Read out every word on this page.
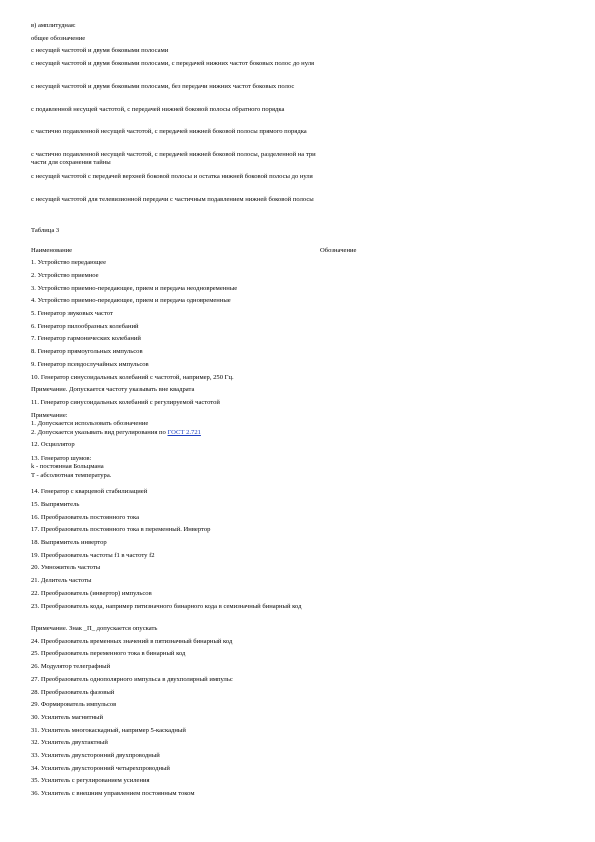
в) амплитудная:
общее обозначение
с несущей частотой и двумя боковыми полосами
с несущей частотой и двумя боковыми полосами, с передачей нижних частот боковых полос до нуля
с несущей частотой и двумя боковыми полосами, без передачи нижних частот боковых полос
с подавленной несущей частотой, с передачей нижней боковой полосы обратного порядка
с частично подавленной несущей частотой, с передачей нижней боковой полосы прямого порядка
с частично подавленной несущей частотой, с передачей нижней боковой полосы, разделенной на три части для сохранения тайны
с несущей частотой с передачей верхней боковой полосы и остатка нижней боковой полосы до нуля
с несущей частотой для телевизионной передачи с частичным подавлением нижней боковой полосы
Таблица 3
Наименование	Обозначение
1. Устройство передающее
2. Устройство приемное
3. Устройство приемно-передающее, прием и передача неодновременные
4. Устройство приемно-передающее, прием и передача одновременные
5. Генератор звуковых частот
6. Генератор пилообразных колебаний
7. Генератор гармонических колебаний
8. Генератор прямоугольных импульсов
9. Генератор псевдослучайных импульсов
10. Генератор синусоидальных колебаний с частотой, например, 250 Гц.
Примечание. Допускается частоту указывать вне квадрата
11. Генератор синусоидальных колебаний с регулируемой частотой
Примечание:
1. Допускается использовать обозначение
2. Допускается указывать вид регулирования по ГОСТ 2.721
12. Осциллятор
13. Генератор шумов:
k - постоянная Больцмана
T - абсолютная температура.
14. Генератор с кварцевой стабилизацией
15. Выпрямитель
16. Преобразователь постоянного тока
17. Преобразователь постоянного тока в переменный. Инвертор
18. Выпрямитель инвертор
19. Преобразователь частоты f1 в частоту f2
20. Умножитель частоты
21. Делитель частоты
22. Преобразователь (инвертор) импульсов
23. Преобразователь кода, например пятизначного бинарного кода в семизначный бинарный код
Примечание. Знак _П_ допускается опускать
24. Преобразователь временных значений в пятизначный бинарный код
25. Преобразователь переменного тока в бинарный код
26. Модулятор телеграфный
27. Преобразователь однополярного импульса в двухполярный импульс
28. Преобразователь фазовый
29. Формирователь импульсов
30. Усилитель магнитный
31. Усилитель многокаскадный, например 5-каскадный
32. Усилитель двухтактный
33. Усилитель двухсторонний двухпроводный
34. Усилитель двухсторонний четырехпроводный
35. Усилитель с регулированием усиления
36. Усилитель с внешним управлением постоянным током
